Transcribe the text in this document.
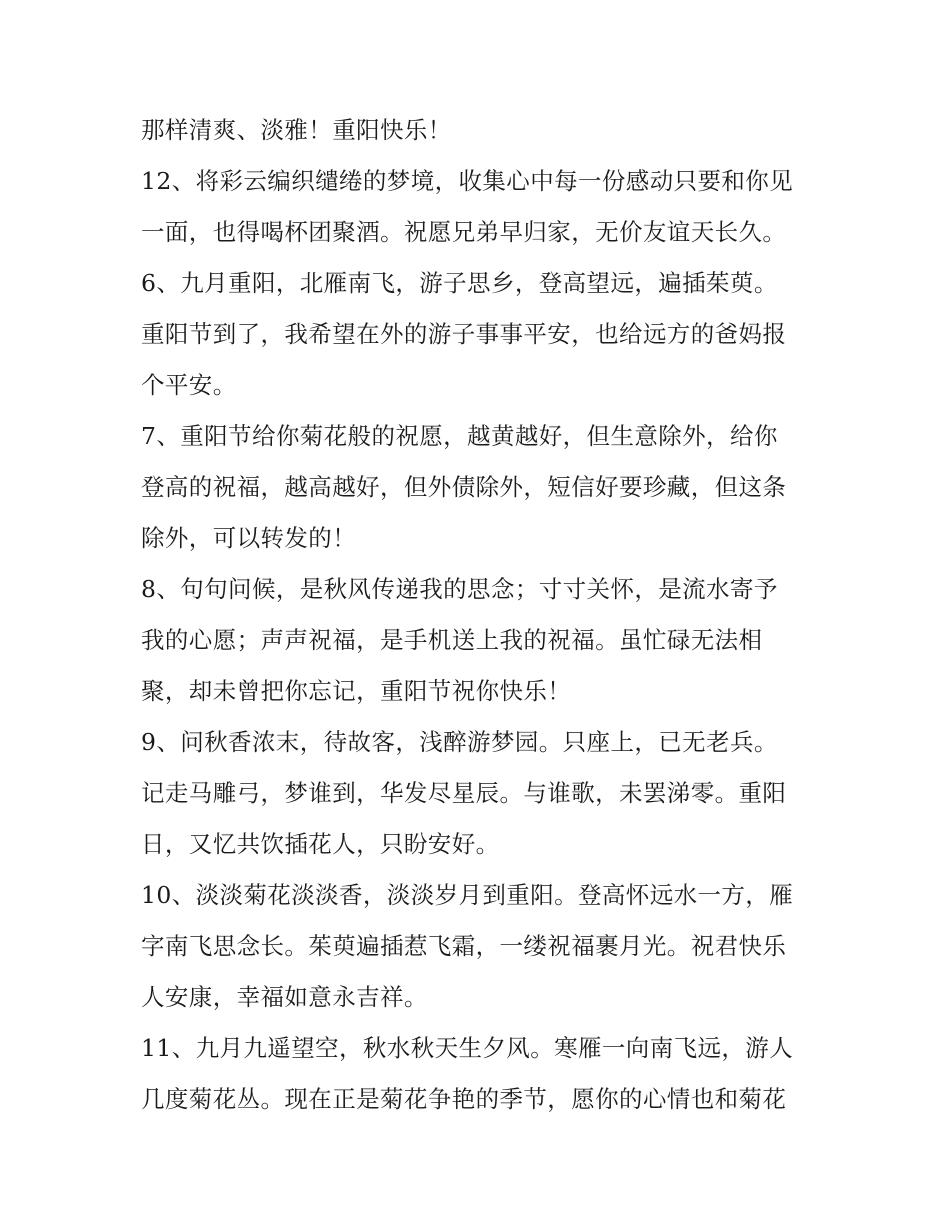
那样清爽、淡雅！重阳快乐！
12、将彩云编织缱绻的梦境，收集心中每一份感动只要和你见
一面，也得喝杯团聚酒。祝愿兄弟早归家，无价友谊天长久。
6、九月重阳，北雁南飞，游子思乡，登高望远，遍插茱萸。
重阳节到了，我希望在外的游子事事平安，也给远方的爸妈报
个平安。
7、重阳节给你菊花般的祝愿，越黄越好，但生意除外，给你
登高的祝福，越高越好，但外债除外，短信好要珍藏，但这条
除外，可以转发的！
8、句句问候，是秋风传递我的思念；寸寸关怀，是流水寄予
我的心愿；声声祝福，是手机送上我的祝福。虽忙碌无法相
聚，却未曾把你忘记，重阳节祝你快乐！
9、问秋香浓末，待故客，浅醉游梦园。只座上，已无老兵。
记走马雕弓，梦谁到，华发尽星辰。与谁歌，未罢涕零。重阳
日，又忆共饮插花人，只盼安好。
10、淡淡菊花淡淡香，淡淡岁月到重阳。登高怀远水一方，雁
字南飞思念长。茱萸遍插惹飞霜，一缕祝福裹月光。祝君快乐
人安康，幸福如意永吉祥。
11、九月九遥望空，秋水秋天生夕风。寒雁一向南飞远，游人
几度菊花丛。现在正是菊花争艳的季节，愿你的心情也和菊花
